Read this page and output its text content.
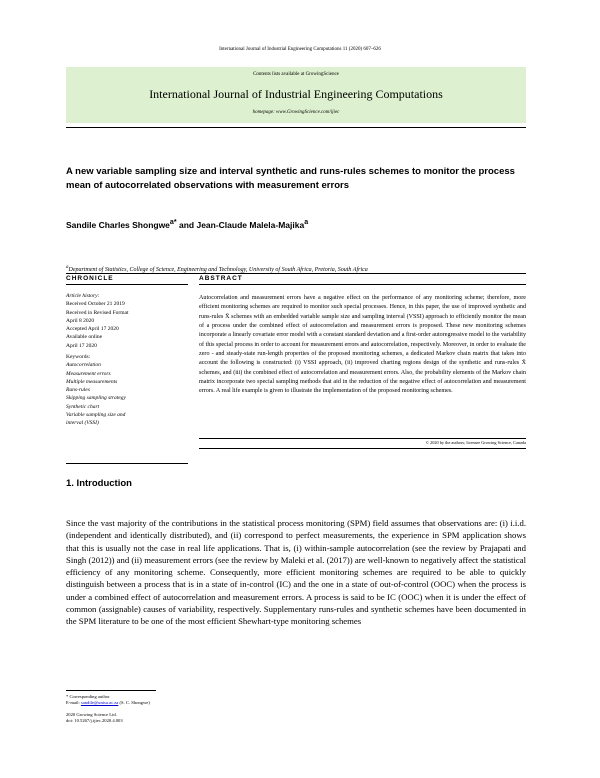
International Journal of Industrial Engineering Computations 11 (2020) 607–626
Contents lists available at GrowingScience
International Journal of Industrial Engineering Computations
homepage: www.GrowingScience.com/ijiec
A new variable sampling size and interval synthetic and runs-rules schemes to monitor the process mean of autocorrelated observations with measurement errors
Sandile Charles Shongwe$^{a*}$ and Jean-Claude Malela-Majika$^a$
$^a$Department of Statistics, College of Science, Engineering and Technology, University of South Africa, Pretoria, South Africa
CHRONICLE	ABSTRACT
Article history:
Received October 21 2019
Received in Revised Format
April 8 2020
Accepted April 17 2020
Available online
April 17 2020
Keywords:
Autocorrelation
Measurement errors
Multiple measurements
Runs-rules
Skipping sampling strategy
Synthetic chart
Variable sampling size and
interval (VSSI)
Autocorrelation and measurement errors have a negative effect on the performance of any monitoring scheme; therefore, more efficient monitoring schemes are required to monitor such special processes. Hence, in this paper, the use of improved synthetic and runs-rules X̄ schemes with an embedded variable sample size and sampling interval (VSSI) approach to efficiently monitor the mean of a process under the combined effect of autocorrelation and measurement errors is proposed. These new monitoring schemes incorporate a linearly covariate error model with a constant standard deviation and a first-order autoregressive model to the variability of this special process in order to account for measurement errors and autocorrelation, respectively. Moreover, in order to evaluate the zero - and steady-state run-length properties of the proposed monitoring schemes, a dedicated Markov chain matrix that takes into account the following is constructed: (i) VSSI approach, (ii) improved charting regions design of the synthetic and runs-rules X̄ schemes, and (iii) the combined effect of autocorrelation and measurement errors. Also, the probability elements of the Markov chain matrix incorporate two special sampling methods that aid in the reduction of the negative effect of autocorrelation and measurement errors. A real life example is given to illustrate the implementation of the proposed monitoring schemes.
© 2020 by the authors; licensee Growing Science, Canada
1. Introduction
Since the vast majority of the contributions in the statistical process monitoring (SPM) field assumes that observations are: (i) i.i.d. (independent and identically distributed), and (ii) correspond to perfect measurements, the experience in SPM application shows that this is usually not the case in real life applications. That is, (i) within-sample autocorrelation (see the review by Prajapati and Singh (2012)) and (ii) measurement errors (see the review by Maleki et al. (2017)) are well-known to negatively affect the statistical efficiency of any monitoring scheme. Consequently, more efficient monitoring schemes are required to be able to quickly distinguish between a process that is in a state of in-control (IC) and the one in a state of out-of-control (OOC) when the process is under a combined effect of autocorrelation and measurement errors. A process is said to be IC (OOC) when it is under the effect of common (assignable) causes of variability, respectively. Supplementary runs-rules and synthetic schemes have been documented in the SPM literature to be one of the most efficient Shewhart-type monitoring schemes
* Corresponding author
E-mail: sandile@unisa.ac.za (S. C. Shongwe)
2020 Growing Science Ltd.
doi: 10.5267/j.ijiec.2020.4.003
